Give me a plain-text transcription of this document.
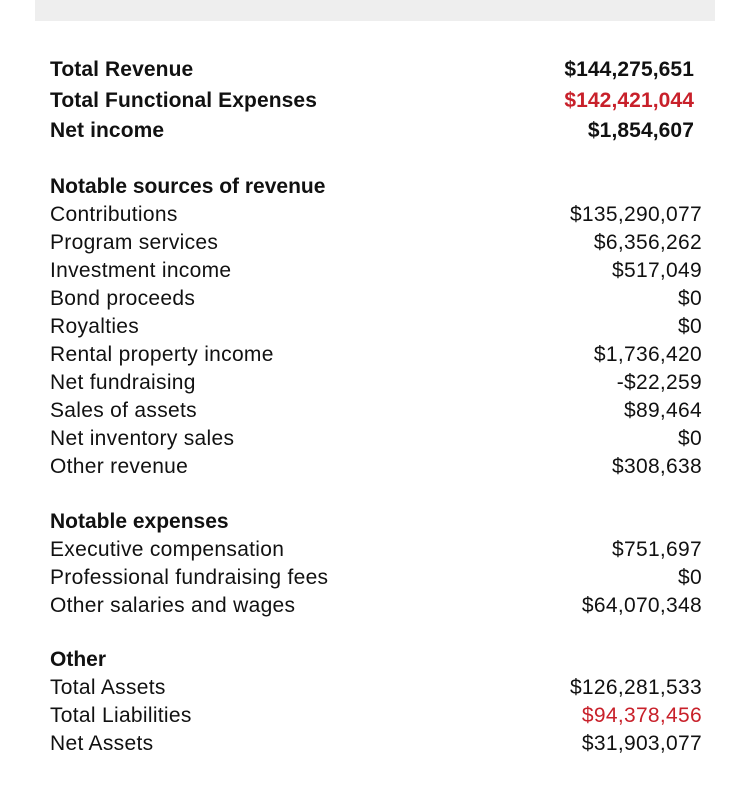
Total Revenue	$144,275,651
Total Functional Expenses	$142,421,044
Net income	$1,854,607
Notable sources of revenue
Contributions	$135,290,077
Program services	$6,356,262
Investment income	$517,049
Bond proceeds	$0
Royalties	$0
Rental property income	$1,736,420
Net fundraising	-$22,259
Sales of assets	$89,464
Net inventory sales	$0
Other revenue	$308,638
Notable expenses
Executive compensation	$751,697
Professional fundraising fees	$0
Other salaries and wages	$64,070,348
Other
Total Assets	$126,281,533
Total Liabilities	$94,378,456
Net Assets	$31,903,077
